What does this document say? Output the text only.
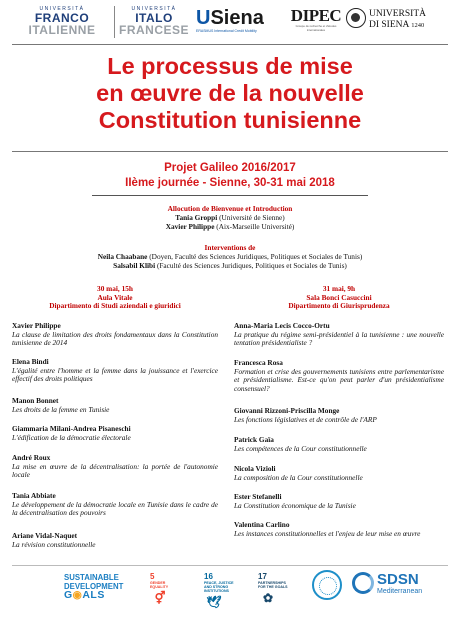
UNIVERSITÀ
FRANCO
ITALIENNE
UNIVERSITÀ
ITALO
FRANCESE
USiena
ERASMUS International Credit Mobility
DIPEC
Groupe de recherche et d'études internationales
UNIVERSITÀ
DI SIENA 1240
Le processus de mise
en œuvre de la nouvelle
Constitution tunisienne
Projet Galileo 2016/2017
IIème journée - Sienne, 30-31 mai 2018
Allocution de Bienvenue et Introduction
Tania Groppi (Université de Sienne)
Xavier Philippe (Aix-Marseille Université)
Interventions de
Neila Chaabane (Doyen, Faculté des Sciences Juridiques, Politiques et Sociales de Tunis)
Salsabil Klibi (Faculté des Sciences Juridiques, Politiques et Sociales de Tunis)
30 mai, 15h
Aula Vitale
Dipartimento di Studi aziendali e giuridici
Xavier Philippe
La clause de limitation des droits fondamentaux dans la Constitution tunisienne de 2014
Elena Bindi
L'égalité entre l'homme et la femme dans la jouissance et l'exercice effectif des droits politiques
Manon Bonnet
Les droits de la femme en Tunisie
Giammaria Milani-Andrea Pisaneschi
L'édification de la démocratie électorale
André Roux
La mise en œuvre de la décentralisation: la portée de l'autonomie locale
Tania Abbiate
Le développement de la démocratie locale en Tunisie dans le cadre de la décentralisation des pouvoirs
Ariane Vidal-Naquet
La révision constitutionnelle
31 mai, 9h
Sala Bonci Casuccini
Dipartimento di Giurisprudenza
Anna-Maria Lecis Cocco-Ortu
La pratique du régime semi-présidentiel à la tunisienne : une nouvelle tentation présidentialiste ?
Francesca Rosa
Formation et crise des gouvernements tunisiens entre parlementarisme et présidentialisme. Est-ce qu'on peut parler d'un présidentialisme consensuel?
Giovanni Rizzoni-Priscilla Monge
Les fonctions législatives et de contrôle de l'ARP
Patrick Gaïa
Les compétences de la Cour constitutionnelle
Nicola Vizioli
La composition de la Cour constitutionnelle
Ester Stefanelli
La Constitution économique de la Tunisie
Valentina Carlino
Les instances constitutionnelles et l'enjeu de leur mise en œuvre
SUSTAINABLE
DEVELOPMENT
G◉ALS
5
GENDER EQUALITY
⚥
16
PEACE, JUSTICE AND STRONG INSTITUTIONS
🕊
17
PARTNERSHIPS FOR THE GOALS
✿
SDSN
Mediterranean
